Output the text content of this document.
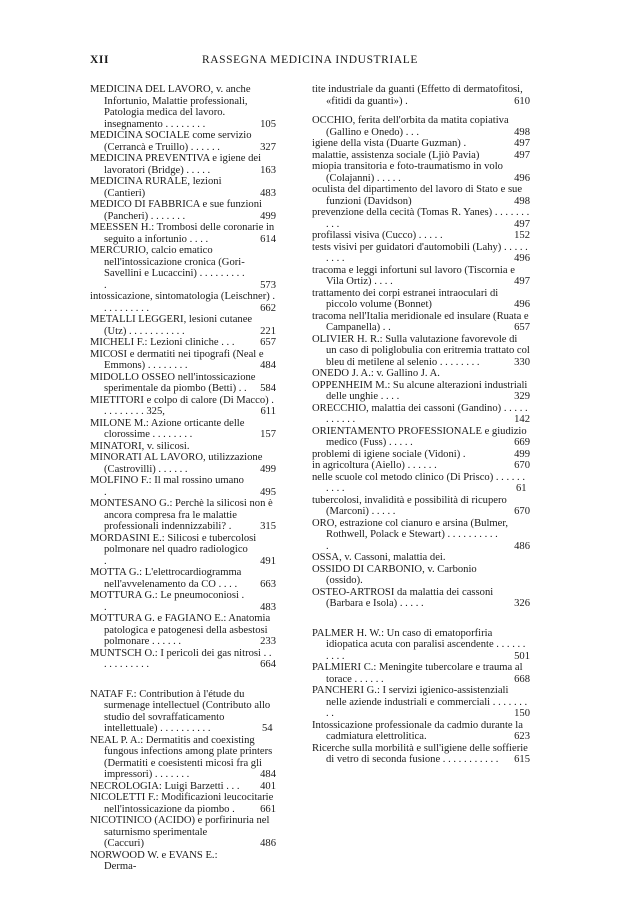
XII	RASSEGNA MEDICINA INDUSTRIALE
MEDICINA DEL LAVORO, v. anche Infortunio, Malattie professionali, Patologia medica del lavoro. insegnamento . . . . . . . .	105
MEDICINA SOCIALE come servizio (Cerrancà e Truillo) . . . . . .	327
MEDICINA PREVENTIVA e igiene dei lavoratori (Bridge) . . . . .	163
MEDICINA RURALE, lezioni (Cantieri)	483
MEDICO DI FABBRICA e sue funzioni (Pancheri) . . . . . . .	499
MEESSEN H.: Trombosi delle coronarie in seguito a infortunio . . . .	614
MERCURIO, calcio ematico nell'intossicazione cronica (Gori-Savellini e Lucaccini) . . . . . . . . . .	573
intossicazione, sintomatologia (Leischner) . . . . . . . . . .	662
METALLI LEGGERI, lesioni cutanee (Utz) . . . . . . . . . . .	221
MICHELI F.: Lezioni cliniche . . . 657
MICOSI e dermatiti nei tipografi (Neal e Emmons) . . . . . . . .	484
MIDOLLO OSSEO nell'intossicazione sperimentale da piombo (Betti) . . 584
MIETITORI e colpo di calore (Di Macco) . . . . . . . . . 325,	611
MILONE M.: Azione orticante delle clorossime . . . . . . . .	157
MINATORI, v. silicosi.
MINORATI AL LAVORO, utilizzazione (Castrovilli) . . . . . .	499
MOLFINO F.: Il mal rossino umano .	495
MONTESANO G.: Perchè la silicosi non è ancora compresa fra le malattie professionali indennizzabili? .	315
MORDASINI E.: Silicosi e tubercolosi polmonare nel quadro radiologico .	491
MOTTA G.: L'elettrocardiogramma nell'avvelenamento da CO . . . . 663
MOTTURA G.: Le pneumoconiosi . .	483
MOTTURA G. e FAGIANO E.: Anatomia patologica e patogenesi della asbestosi polmonare . . . . . .	233
MUNTSCH O.: I pericoli dei gas nitrosi . . . . . . . . . . .	664
NATAF F.: Contribution à l'étude du surmenage intellectuel (Contributo allo studio del sovraffaticamento intellettuale) . . . . . . . . . .	54
NEAL P. A.: Dermatitis and coexisting fungous infections among plate printers (Dermatiti e coesistenti micosi fra gli impressori) . . . . . . .	484
NECROLOGIA: Luigi Barzetti . . . 401
NICOLETTI F.: Modificazioni leucocitarie nell'intossicazione da piombo . 661
NICOTINICO (ACIDO) e porfirinuria nel saturnismo sperimentale (Caccuri)	486
NORWOOD W. e EVANS E.: Derma-
tite industriale da guanti (Effetto di dermatofitosi, «fitidi da guanti») .	610
OCCHIO, ferita dell'orbita da matita copiativa (Gallino e Onedo) . . .	498
igiene della vista (Duarte Guzman) .	497
malattie, assistenza sociale (Ljiò Pavia)	497
miopia transitoria e foto-traumatismo in volo (Colajanni) . . . . .	496
oculista del dipartimento del lavoro di Stato e sue funzioni (Davidson)	498
prevenzione della cecità (Tomas R. Yanes) . . . . . . . . . .	497
profilassi visiva (Cucco) . . . . .	152
tests visivi per guidatori d'automobili (Lahy) . . . . . . . . .	496
tracoma e leggi infortuni sul lavoro (Tiscornia e Vila Ortiz) . . . .	497
trattamento dei corpi estranei intraoculari di piccolo volume (Bonnet)	496
tracoma nell'Italia meridionale ed insulare (Ruata e Campanella) . .	657
OLIVIER H. R.: Sulla valutazione favorevole di un caso di poliglobulia con eritremia trattato col bleu di metilene al selenio . . . . . . . .	330
ONEDO J. A.: v. Gallino J. A.
OPPENHEIM M.: Su alcune alterazioni industriali delle unghie . . . .	329
ORECCHIO, malattia dei cassoni (Gandino) . . . . . . . . . . .	142
ORIENTAMENTO PROFESSIONALE e giudizio medico (Fuss) . . . . .	669
problemi di igiene sociale (Vidoni) .	499
in agricoltura (Aiello) . . . . . .	670
nelle scuole col metodo clinico (Di Prisco) . . . . . . . . . .	61
tubercolosi, invalidità e possibilità di ricupero (Marconi) . . . . .	670
ORO, estrazione col cianuro e arsina (Bulmer, Rothwell, Polack e Stewart) . . . . . . . . . . .	486
OSSA, v. Cassoni, malattia dei.
OSSIDO DI CARBONIO, v. Carbonio (ossido).
OSTEO-ARTROSI da malattia dei cassoni (Barbara e Isola) . . . . .	326
PALMER H. W.: Un caso di ematoporfiria idiopatica acuta con paralisi ascendente . . . . . . . . . .	501
PALMIERI C.: Meningite tubercolare e trauma al torace . . . . . .	668
PANCHERI G.: I servizi igienico-assistenziali nelle aziende industriali e commerciali . . . . . . . . .	150
Intossicazione professionale da cadmio durante la cadmiatura elettrolitica.	623
Ricerche sulla morbilità e sull'igiene delle soffierie di vetro di seconda fusione . . . . . . . . . . . 615
